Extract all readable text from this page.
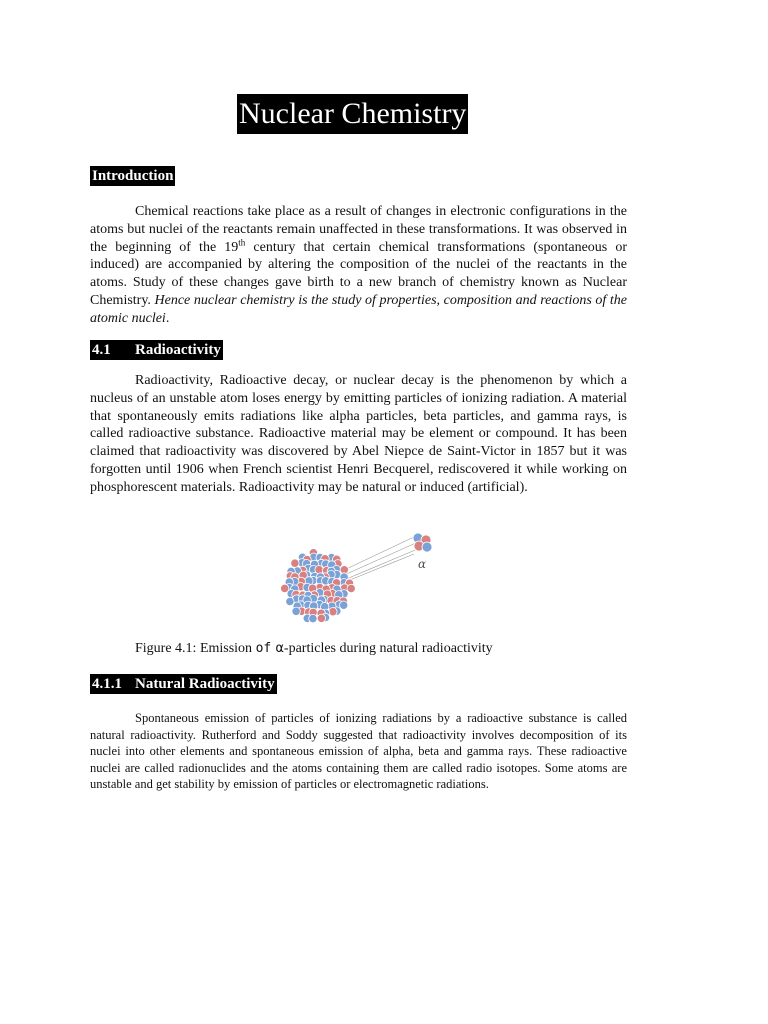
Nuclear Chemistry
Introduction

Chemical reactions take place as a result of changes in electronic configurations in the atoms but nuclei of the reactants remain unaffected in these transformations. It was observed in the beginning of the 19th century that certain chemical transformations (spontaneous or induced) are accompanied by altering the composition of the nuclei of the reactants in the atoms. Study of these changes gave birth to a new branch of chemistry known as Nuclear Chemistry. Hence nuclear chemistry is the study of properties, composition and reactions of the atomic nuclei.

4.1 Radioactivity

Radioactivity, Radioactive decay, or nuclear decay is the phenomenon by which a nucleus of an unstable atom loses energy by emitting particles of ionizing radiation. A material that spontaneously emits radiations like alpha particles, beta particles, and gamma rays, is called radioactive substance. Radioactive material may be element or compound. It has been claimed that radioactivity was discovered by Abel Niepce de Saint-Victor in 1857 but it was forgotten until 1906 when French scientist Henri Becquerel, rediscovered it while working on phosphorescent materials. Radioactivity may be natural or induced (artificial).

α
Figure 4.1: Emission of α-particles during natural radioactivity
4.1.1 Natural Radioactivity

Spontaneous emission of particles of ionizing radiations by a radioactive substance is called natural radioactivity. Rutherford and Soddy suggested that radioactivity involves decomposition of its nuclei into other elements and spontaneous emission of alpha, beta and gamma rays. These radioactive nuclei are called radionuclides and the atoms containing them are called radio isotopes. Some atoms are unstable and get stability by emission of particles or electromagnetic radiations.
